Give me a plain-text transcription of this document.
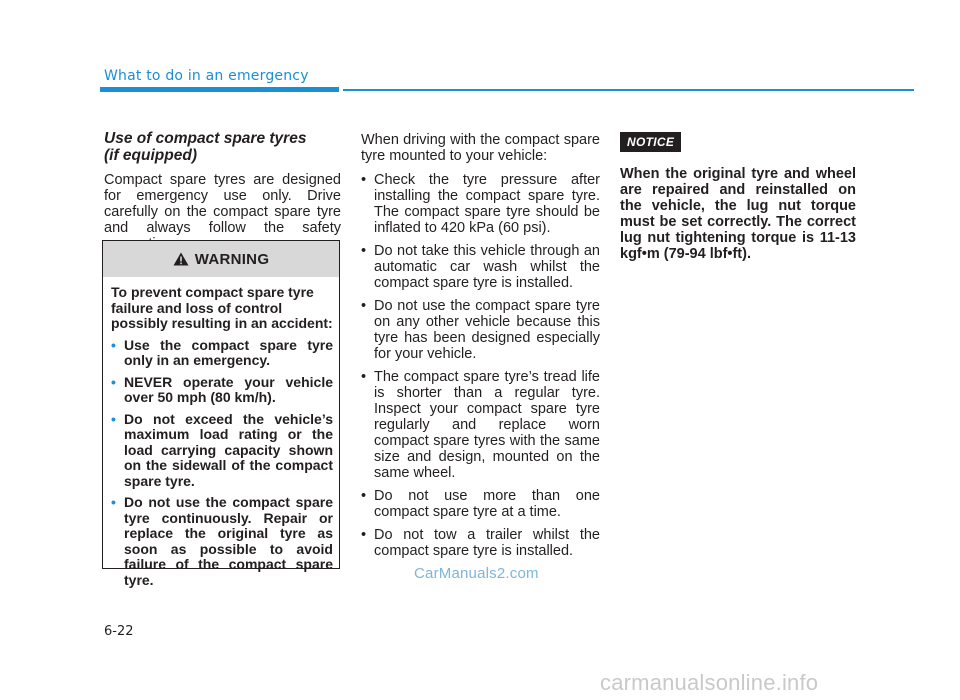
What to do in an emergency
Use of compact spare tyres
(if equipped)

Compact spare tyres are designed for emergency use only. Drive carefully on the compact spare tyre and always follow the safety

WARNING

To prevent compact spare tyre failure and loss of control possibly resulting in an accident:

• Use the compact spare tyre only in an emergency.
• NEVER operate your vehicle over 50 mph (80 km/h).
• Do not exceed the vehicle’s maximum load rating or the load carrying capacity shown on the sidewall of the compact spare tyre.
• Do not use the compact spare tyre continuously. Repair or replace the original tyre as soon as possible to avoid failure of the compact spare tyre.

When driving with the compact spare tyre mounted to your vehicle:

• Check the tyre pressure after installing the compact spare tyre. The compact spare tyre should be inflated to 420 kPa (60 psi).
• Do not take this vehicle through an automatic car wash whilst the compact spare tyre is installed.
• Do not use the compact spare tyre on any other vehicle because this tyre has been designed especially for your vehicle.
• The compact spare tyre’s tread life is shorter than a regular tyre. Inspect your compact spare tyre regularly and replace worn compact spare tyres with the same size and design, mounted on the same wheel.
• Do not use more than one compact spare tyre at a time.
• Do not tow a trailer whilst the compact spare tyre is installed.
NOTICE

When the original tyre and wheel are repaired and reinstalled on the vehicle, the lug nut torque must be set correctly. The correct lug nut tightening torque is 11-13 kgf•m (79-94 lbf•ft).

CarManuals2.com
6-22
carmanualsonline.info
